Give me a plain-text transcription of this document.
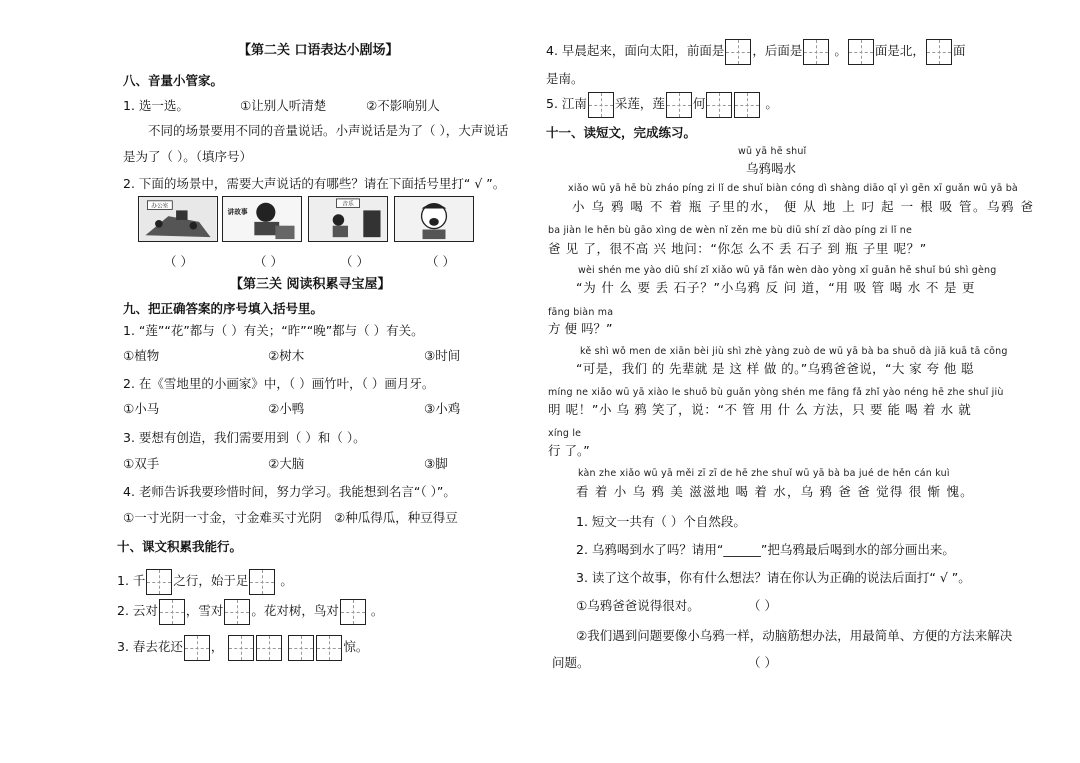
【第二关 口语表达小剧场】
八、音量小管家。
1. 选一选。	①让别人听清楚	②不影响别人
不同的场景要用不同的音量说话。小声说话是为了（ ），大声说话
是为了（ ）。（填序号）
2. 下面的场景中，需要大声说话的有哪些？请在下面括号里打“ √ ”。
办公室
讲故事
音乐
（ ）	（ ）	（ ）	（ ）
【第三关 阅读积累寻宝屋】
九、把正确答案的序号填入括号里。
1. “莲”“花”都与（ ）有关；“昨”“晚”都与（ ）有关。
①植物	②树木	③时间
2. 在《雪地里的小画家》中，（ ）画竹叶，（ ）画月牙。
①小马	②小鸭	③小鸡
3. 要想有创造，我们需要用到（ ）和（ ）。
①双手	②大脑	③脚
4. 老师告诉我要珍惜时间，努力学习。我能想到名言“（ ）”。
①一寸光阴一寸金，寸金难买寸光阴 ②种瓜得瓜，种豆得豆
十、课文积累我能行。
1. 千 之行，始于足	。
2. 云对 ，雪对 。花对树，鸟对	。
3. 春去花还 ，	惊。
4. 早晨起来，面向太阳，前面是 ，后面是	。 面是北， 面
是南。
5. 江南 采莲，莲 何	。
十一、读短文，完成练习。
wū yā hē shuǐ
乌鸦喝水
xiǎo wū yā hē bù zháo píng zi lǐ de shuǐ biàn cóng dì shàng diāo qǐ yì gēn xī guǎn wū yā bà
小 乌 鸦 喝 不 着 瓶 子里的水， 便 从 地 上 叼 起 一 根 吸 管。乌鸦 爸
ba jiàn le hěn bù gāo xìng de wèn nǐ zěn me bù diū shí zǐ dào píng zi lǐ ne
爸 见 了，很不高 兴 地问：“你怎 么不 丢 石子 到 瓶 子里 呢？”
wèi shén me yào diū shí zǐ xiǎo wū yā fǎn wèn dào yòng xī guǎn hē shuǐ bú shì gèng
“为 什 么 要 丢 石子？”小乌鸦 反 问 道，“用 吸 管 喝 水 不 是 更
fāng biàn ma
方 便 吗？”
kě shì wǒ men de xiān bèi jiù shì zhè yàng zuò de wū yā bà ba shuō dà jiā kuā tā cōng
“可是，我们 的 先辈就 是 这 样 做 的。”乌鸦爸爸说，“大 家 夸 他 聪
míng ne xiǎo wū yā xiào le shuō bù guǎn yòng shén me fāng fǎ zhǐ yào néng hē zhe shuǐ jiù
明 呢！”小 乌 鸦 笑了，说：“不 管 用 什 么 方法，只 要 能 喝 着 水 就
xíng le
行 了。”
kàn zhe xiǎo wū yā měi zī zī de hē zhe shuǐ wū yā bà ba jué de hěn cán kuì
看 着 小 乌 鸦 美 滋滋地 喝 着 水，乌 鸦 爸 爸 觉得 很 惭 愧。
1. 短文一共有（ ）个自然段。
2. 乌鸦喝到水了吗？请用“______”把乌鸦最后喝到水的部分画出来。
3. 读了这个故事，你有什么想法？请在你认为正确的说法后面打“ √ ”。
①乌鸦爸爸说得很对。	（ ）
②我们遇到问题要像小乌鸦一样，动脑筋想办法，用最简单、方便的方法来解决
问题。	（ ）
